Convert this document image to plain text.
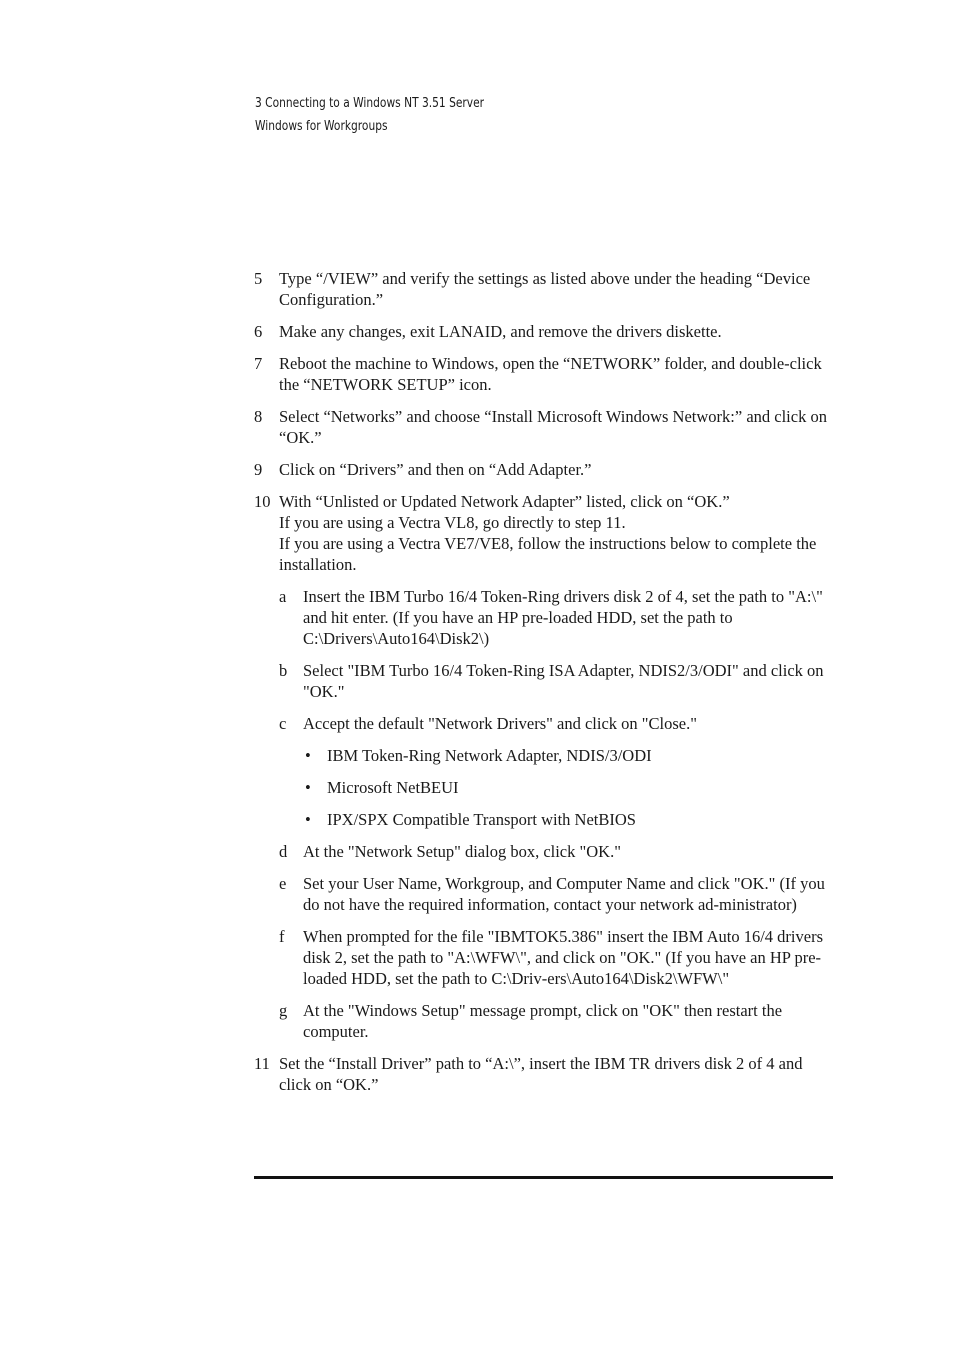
3 Connecting to a Windows NT 3.51 Server
Windows for Workgroups
5 Type “/VIEW” and verify the settings as listed above under the heading “Device Configuration.”
6 Make any changes, exit LANAID, and remove the drivers diskette.
7 Reboot the machine to Windows, open the “NETWORK” folder, and double-click the “NETWORK SETUP” icon.
8 Select “Networks” and choose “Install Microsoft Windows Network:” and click on “OK.”
9 Click on “Drivers” and then on “Add Adapter.”
10 With “Unlisted or Updated Network Adapter” listed, click on “OK.”
If you are using a Vectra VL8, go directly to step 11.
If you are using a Vectra VE7/VE8, follow the instructions below to complete the installation.
a Insert the IBM Turbo 16/4 Token-Ring drivers disk 2 of 4, set the path to "A:\" and hit enter. (If you have an HP pre-loaded HDD, set the path to C:\Drivers\Auto164\Disk2\)
b Select "IBM Turbo 16/4 Token-Ring ISA Adapter, NDIS2/3/ODI" and click on "OK."
c Accept the default "Network Drivers" and click on "Close."
• IBM Token-Ring Network Adapter, NDIS/3/ODI
• Microsoft NetBEUI
• IPX/SPX Compatible Transport with NetBIOS
d At the "Network Setup" dialog box, click "OK."
e Set your User Name, Workgroup, and Computer Name and click "OK." (If you do not have the required information, contact your network ad-ministrator)
f When prompted for the file "IBMTOK5.386" insert the IBM Auto 16/4 drivers disk 2, set the path to "A:\WFW\", and click on "OK." (If you have an HP pre-loaded HDD, set the path to C:\Driv-ers\Auto164\Disk2\WFW\"
g At the "Windows Setup" message prompt, click on "OK" then restart the computer.
11 Set the “Install Driver” path to “A:\”, insert the IBM TR drivers disk 2 of 4 and click on “OK.”
